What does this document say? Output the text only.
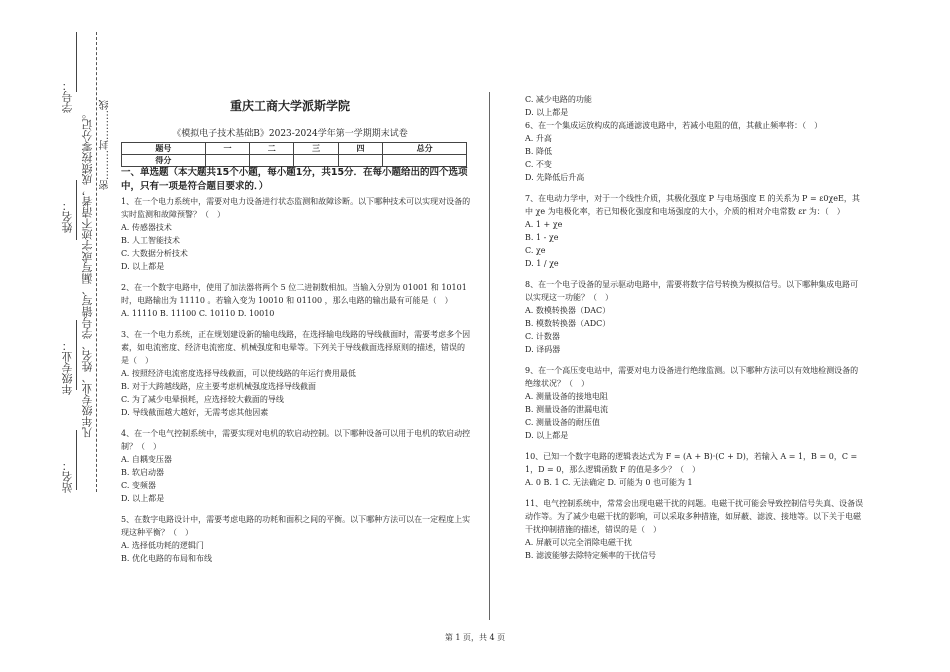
学号：
姓名：
年级专业：
站名：
凡年级专业、姓名、学号错写、漏写或字迹不清者，成绩按零分记。 密………封………线	重庆工商大学派斯学院
《模拟电子技术基础B》2023-2024学年第一学期期末试卷
题号	一	二	三	四	总分
得分					
一、单选题（本大题共15个小题，每小题1分，共15分．在每小题给出的四个选项中，只有一项是符合题目要求的．）
1、在一个电力系统中，需要对电力设备进行状态监测和故障诊断。以下哪种技术可以实现对设备的实时监测和故障预警？（　）
A. 传感器技术
B. 人工智能技术
C. 大数据分析技术
D. 以上都是
2、在一个数字电路中，使用了加法器将两个 5 位二进制数相加。当输入分别为 01001 和 10101 时，电路输出为 11110 。若输入变为 10010 和 01100 ，那么电路的输出最有可能是（　）
A. 11110 B. 11100 C. 10110 D. 10010
3、在一个电力系统，正在规划建设新的输电线路，在选择输电线路的导线截面时，需要考虑多个因素，如电流密度、经济电流密度、机械强度和电晕等。下列关于导线截面选择原则的描述，错误的是（　）
A. 按照经济电流密度选择导线截面，可以使线路的年运行费用最低
B. 对于大跨越线路，应主要考虑机械强度选择导线截面
C. 为了减少电晕损耗，应选择较大截面的导线
D. 导线截面越大越好，无需考虑其他因素
4、在一个电气控制系统中，需要实现对电机的软启动控制。以下哪种设备可以用于电机的软启动控制？（　）
A. 自耦变压器
B. 软启动器
C. 变频器
D. 以上都是
5、在数字电路设计中，需要考虑电路的功耗和面积之间的平衡。以下哪种方法可以在一定程度上实现这种平衡？（　）
A. 选择低功耗的逻辑门
B. 优化电路的布局和布线
C. 减少电路的功能
D. 以上都是
6、在一个集成运放构成的高通滤波电路中，若减小电阻的值，其截止频率将：（　）
A. 升高
B. 降低
C. 不变
D. 先降低后升高
7、在电动力学中，对于一个线性介质，其极化强度 P 与电场强度 E 的关系为 P = ε0χeE，其中 χe 为电极化率，若已知极化强度和电场强度的大小，介质的相对介电常数 εr 为：（　）
A. 1 + χe
B. 1 - χe
C. χe
D. 1 / χe
8、在一个电子设备的显示驱动电路中，需要将数字信号转换为模拟信号。以下哪种集成电路可以实现这一功能？（　）
A. 数模转换器（DAC）
B. 模数转换器（ADC）
C. 计数器
D. 译码器
9、在一个高压变电站中，需要对电力设备进行绝缘监测。以下哪种方法可以有效地检测设备的绝缘状况？（　）
A. 测量设备的接地电阻
B. 测量设备的泄漏电流
C. 测量设备的耐压值
D. 以上都是
10、已知一个数字电路的逻辑表达式为 F = (A + B)·(C + D)，若输入 A = 1，B = 0，C = 1，D = 0，那么逻辑函数 F 的值是多少？（　）
A. 0 B. 1 C. 无法确定 D. 可能为 0 也可能为 1
11、电气控制系统中，常常会出现电磁干扰的问题。电磁干扰可能会导致控制信号失真、设备误动作等。为了减少电磁干扰的影响，可以采取多种措施，如屏蔽、滤波、接地等。以下关于电磁干扰抑制措施的描述，错误的是（　）
A. 屏蔽可以完全消除电磁干扰
B. 滤波能够去除特定频率的干扰信号
第 1 页，共 4 页
